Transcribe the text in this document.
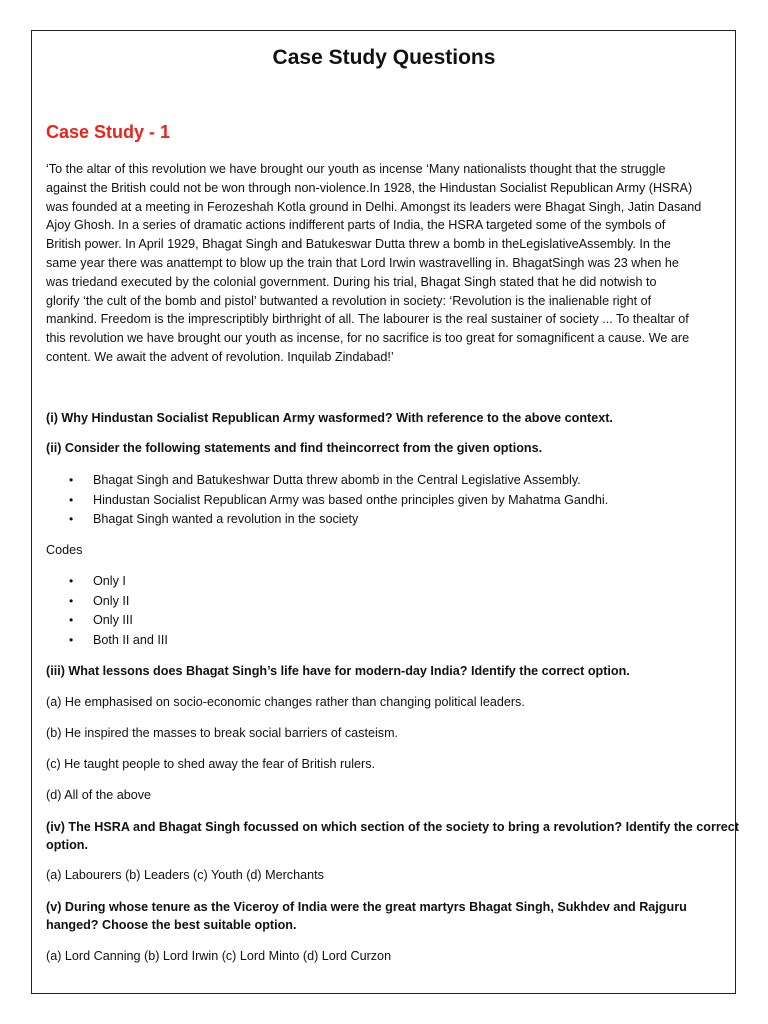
Case Study Questions
Case Study - 1
‘To the altar of this revolution we have brought our youth as incense ‘Many nationalists thought that the struggle
against the British could not be won through non-violence.In 1928, the Hindustan Socialist Republican Army (HSRA)
was founded at a meeting in Ferozeshah Kotla ground in Delhi. Amongst its leaders were Bhagat Singh, Jatin Dasand
Ajoy Ghosh. In a series of dramatic actions indifferent parts of India, the HSRA targeted some of the symbols of
British power. In April 1929, Bhagat Singh and Batukeswar Dutta threw a bomb in theLegislativeAssembly. In the
same year there was anattempt to blow up the train that Lord Irwin wastravelling in. BhagatSingh was 23 when he
was triedand executed by the colonial government. During his trial, Bhagat Singh stated that he did notwish to
glorify ‘the cult of the bomb and pistol’ butwanted a revolution in society: ‘Revolution is the inalienable right of
mankind. Freedom is the imprescriptibly birthright of all. The labourer is the real sustainer of society ... To thealtar of
this revolution we have brought our youth as incense, for no sacrifice is too great for somagnificent a cause. We are
content. We await the advent of revolution. Inquilab Zindabad!’
(i) Why Hindustan Socialist Republican Army wasformed? With reference to the above context.
(ii) Consider the following statements and find theincorrect from the given options.
• Bhagat Singh and Batukeshwar Dutta threw abomb in the Central Legislative Assembly.
• Hindustan Socialist Republican Army was based onthe principles given by Mahatma Gandhi.
• Bhagat Singh wanted a revolution in the society
Codes
• Only I
• Only II
• Only III
• Both II and III
(iii) What lessons does Bhagat Singh’s life have for modern-day India? Identify the correct option.
(a) He emphasised on socio-economic changes rather than changing political leaders.
(b) He inspired the masses to break social barriers of casteism.
(c) He taught people to shed away the fear of British rulers.
(d) All of the above
(iv) The HSRA and Bhagat Singh focussed on which section of the society to bring a revolution? Identify the correct
option.
(a) Labourers (b) Leaders (c) Youth (d) Merchants
(v) During whose tenure as the Viceroy of India were the great martyrs Bhagat Singh, Sukhdev and Rajguru
hanged? Choose the best suitable option.
(a) Lord Canning (b) Lord Irwin (c) Lord Minto (d) Lord Curzon
